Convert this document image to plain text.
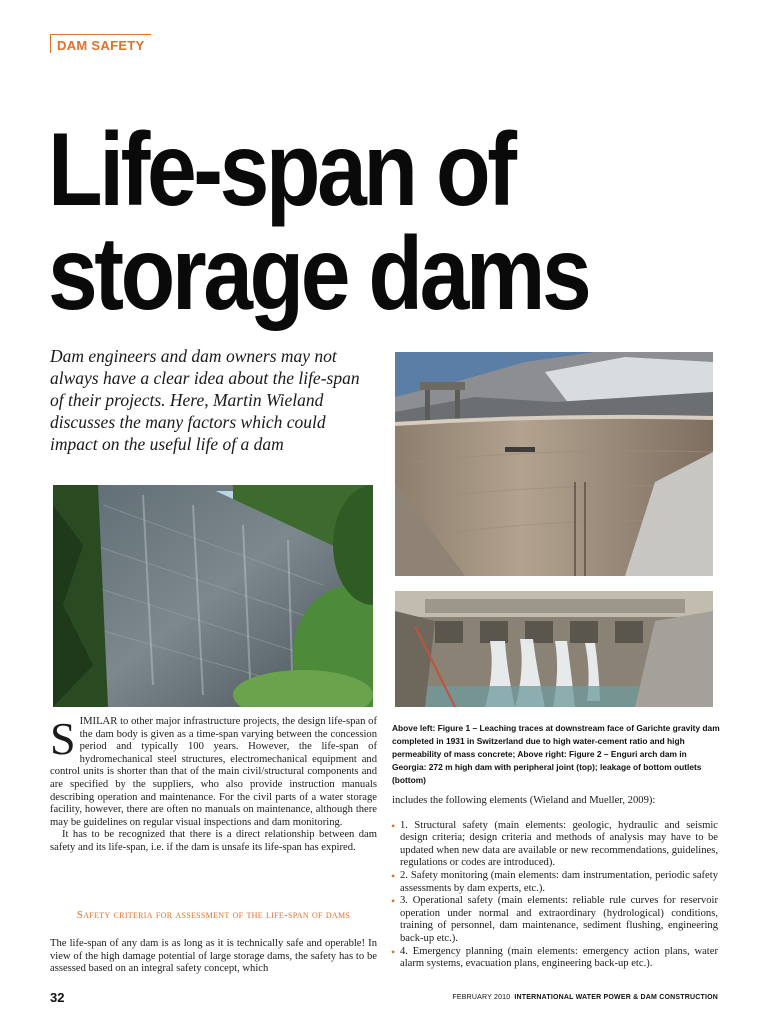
DAM SAFETY
Life-span of
storage dams
Dam engineers and dam owners may not always have a clear idea about the life-span of their projects. Here, Martin Wieland discusses the many factors which could impact on the useful life of a dam

SIMILAR to other major infrastructure projects, the design life-span of the dam body is given as a time-span varying between the concession period and typically 100 years. However, the life-span of hydromechanical steel structures, electromechanical equipment and control units is shorter than that of the main civil/structural components and are specified by the suppliers, who also provide instruction manuals describing operation and maintenance. For the civil parts of a water storage facility, however, there are often no manuals on maintenance, although there may be guidelines on regular visual inspections and dam monitoring.

It has to be recognized that there is a direct relationship between dam safety and its life-span, i.e. if the dam is unsafe its life-span has expired.

Safety criteria for assessment of the life-span of dams

The life-span of any dam is as long as it is technically safe and operable! In view of the high damage potential of large storage dams, the safety has to be assessed based on an integral safety concept, which

Above left: Figure 1 – Leaching traces at downstream face of Garichte gravity dam completed in 1931 in Switzerland due to high water-cement ratio and high permeability of mass concrete; Above right: Figure 2 – Enguri arch dam in Georgia: 272 m high dam with peripheral joint (top); leakage of bottom outlets (bottom)

includes the following elements (Wieland and Mueller, 2009):

• 1. Structural safety (main elements: geologic, hydraulic and seismic design criteria; design criteria and methods of analysis may have to be updated when new data are available or new recommendations, guidelines, regulations or codes are introduced).
• 2. Safety monitoring (main elements: dam instrumentation, periodic safety assessments by dam experts, etc.).
• 3. Operational safety (main elements: reliable rule curves for reservoir operation under normal and extraordinary (hydrological) conditions, training of personnel, dam maintenance, sediment flushing, engineering back-up etc.).
• 4. Emergency planning (main elements: emergency action plans, water alarm systems, evacuation plans, engineering back-up etc.).
32	FEBRUARY 2010 INTERNATIONAL WATER POWER & DAM CONSTRUCTION
